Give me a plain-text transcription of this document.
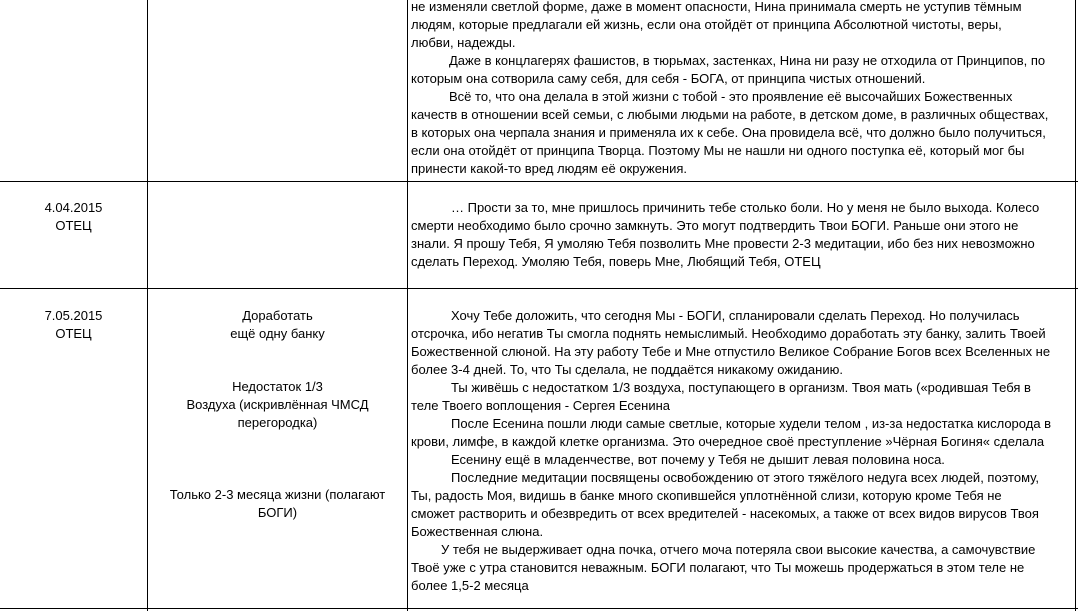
не изменяли светлой форме, даже в момент опасности, Нина принимала смерть не уступив тёмным
людям, которые предлагали ей жизнь, если она отойдёт от принципа Абсолютной чистоты, веры,
любви, надежды.
Даже в концлагерях фашистов, в тюрьмах, застенках, Нина ни разу не отходила от Принципов, по
которым она сотворила саму себя, для себя - БОГА, от принципа чистых отношений.
Всё то, что она делала в этой жизни с тобой - это проявление её высочайших Божественных
качеств в отношении всей семьи, с любыми людьми на работе, в детском доме, в различных обществах,
в которых она черпала знания и применяла их к себе. Она провидела всё, что должно было получиться,
если она отойдёт от принципа Творца. Поэтому Мы не нашли ни одного поступка её, который мог бы
принести какой-то вред людям её окружения.
4.04.2015
ОТЕЦ
… Прости за то, мне пришлось причинить тебе столько боли. Но у меня не было выхода. Колесо
смерти необходимо было срочно замкнуть. Это могут подтвердить Твои БОГИ. Раньше они этого не
знали. Я прошу Тебя, Я умоляю Тебя позволить Мне провести 2-3 медитации, ибо без них невозможно
сделать Переход. Умоляю Тебя, поверь Мне, Любящий Тебя, ОТЕЦ
7.05.2015
ОТЕЦ
Доработать
ещё одну банку
Недостаток 1/3
Воздуха (искривлённая ЧМСД
перегородка)
Только 2-3 месяца жизни (полагают
БОГИ)
Хочу Тебе доложить, что сегодня Мы - БОГИ, спланировали сделать Переход. Но получилась
отсрочка, ибо негатив Ты смогла поднять немыслимый. Необходимо доработать эту банку, залить Твоей
Божественной слюной. На эту работу Тебе и Мне отпустило Великое Собрание Богов всех Вселенных не
более 3-4 дней. То, что Ты сделала, не поддаётся никакому ожиданию.
Ты живёшь с недостатком 1/3 воздуха, поступающего в организм. Твоя мать («родившая Тебя в
теле Твоего воплощения - Сергея Есенина
После Есенина пошли люди самые светлые, которые худели телом , из-за недостатка кислорода в
крови, лимфе, в каждой клетке организма. Это очередное своё преступление »Чёрная Богиня« сделала
Есенину ещё в младенчестве, вот почему у Тебя не дышит левая половина носа.
Последние медитации посвящены освобождению от этого тяжёлого недуга всех людей, поэтому,
Ты, радость Моя, видишь в банке много скопившейся уплотнённой слизи, которую кроме Тебя не
сможет растворить и обезвредить от всех вредителей - насекомых, а также от всех видов вирусов Твоя
Божественная слюна.
У тебя не выдерживает одна почка, отчего моча потеряла свои высокие качества, а самочувствие
Твоё уже с утра становится неважным. БОГИ полагают, что Ты можешь продержаться в этом теле не
более 1,5-2 месяца
